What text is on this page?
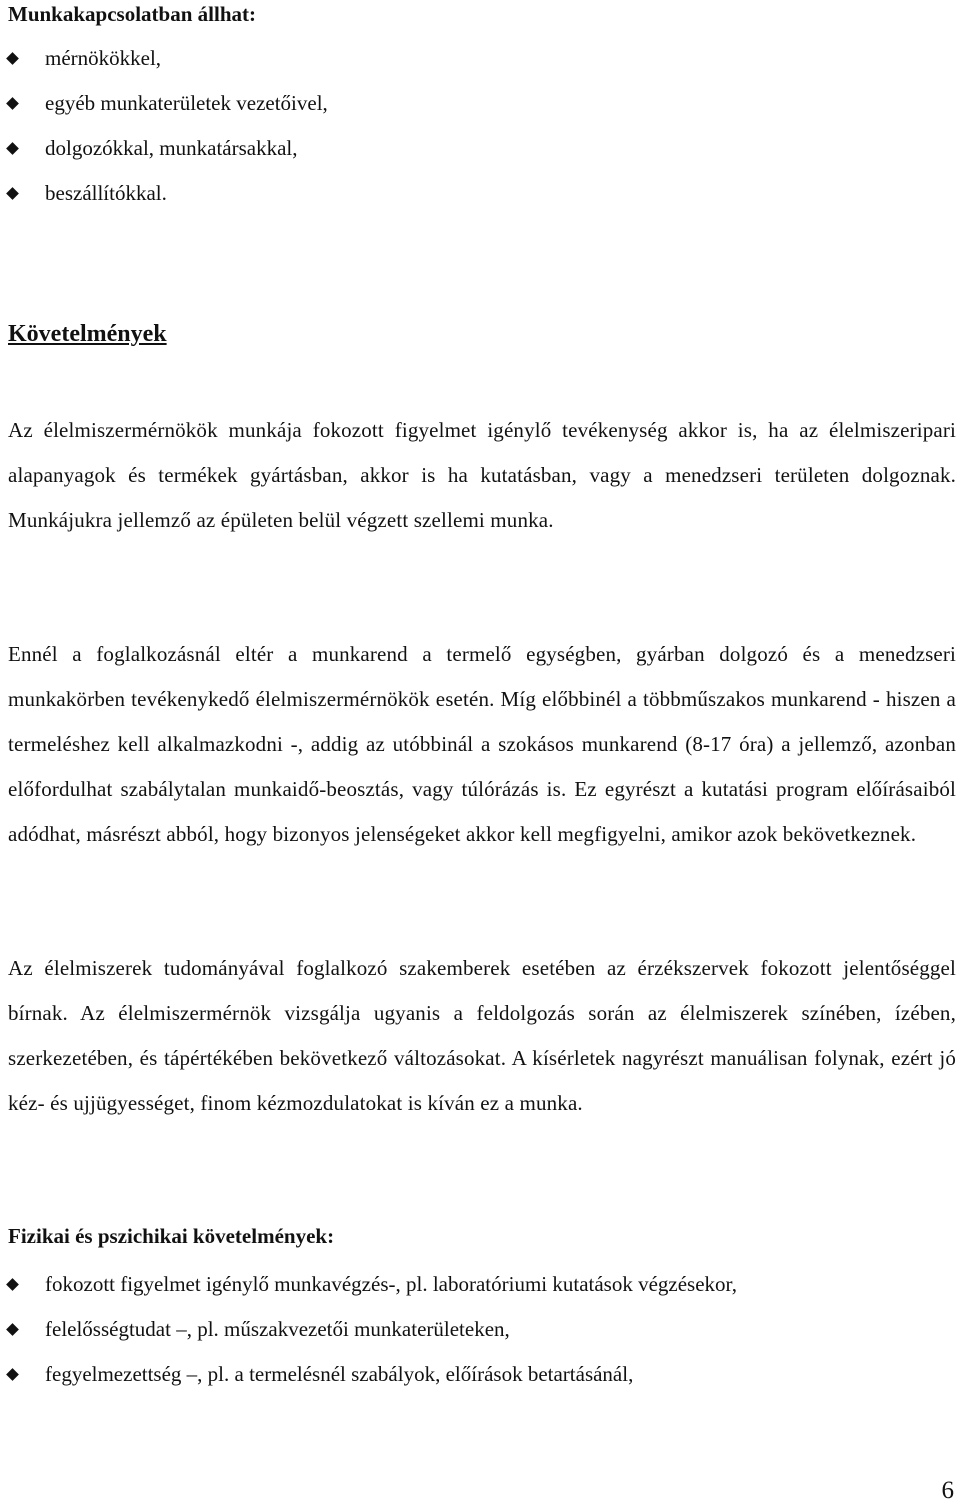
Munkakapcsolatban állhat:
mérnökökkel,
egyéb munkaterületek vezetőivel,
dolgozókkal, munkatársakkal,
beszállítókkal.
Követelmények

Az élelmiszermérnökök munkája fokozott figyelmet igénylő tevékenység akkor is, ha az élelmiszeripari alapanyagok és termékek gyártásban, akkor is ha kutatásban, vagy a menedzseri területen dolgoznak. Munkájukra jellemző az épületen belül végzett szellemi munka.

Ennél a foglalkozásnál eltér a munkarend a termelő egységben, gyárban dolgozó és a menedzseri munkakörben tevékenykedő élelmiszermérnökök esetén. Míg előbbinél a többműszakos munkarend - hiszen a termeléshez kell alkalmazkodni -, addig az utóbbinál a szokásos munkarend (8-17 óra) a jellemző, azonban előfordulhat szabálytalan munkaidő-beosztás, vagy túlórázás is. Ez egyrészt a kutatási program előírásaiból adódhat, másrészt abból, hogy bizonyos jelenségeket akkor kell megfigyelni, amikor azok bekövetkeznek.

Az élelmiszerek tudományával foglalkozó szakemberek esetében az érzékszervek fokozott jelentőséggel bírnak. Az élelmiszermérnök vizsgálja ugyanis a feldolgozás során az élelmiszerek színében, ízében, szerkezetében, és tápértékében bekövetkező változásokat. A kísérletek nagyrészt manuálisan folynak, ezért jó kéz- és ujjügyességet, finom kézmozdulatokat is kíván ez a munka.

Fizikai és pszichikai követelmények:
fokozott figyelmet igénylő munkavégzés-, pl. laboratóriumi kutatások végzésekor,
felelősségtudat –, pl. műszakvezetői munkaterületeken,
fegyelmezettség –, pl. a termelésnél szabályok, előírások betartásánál,
6
